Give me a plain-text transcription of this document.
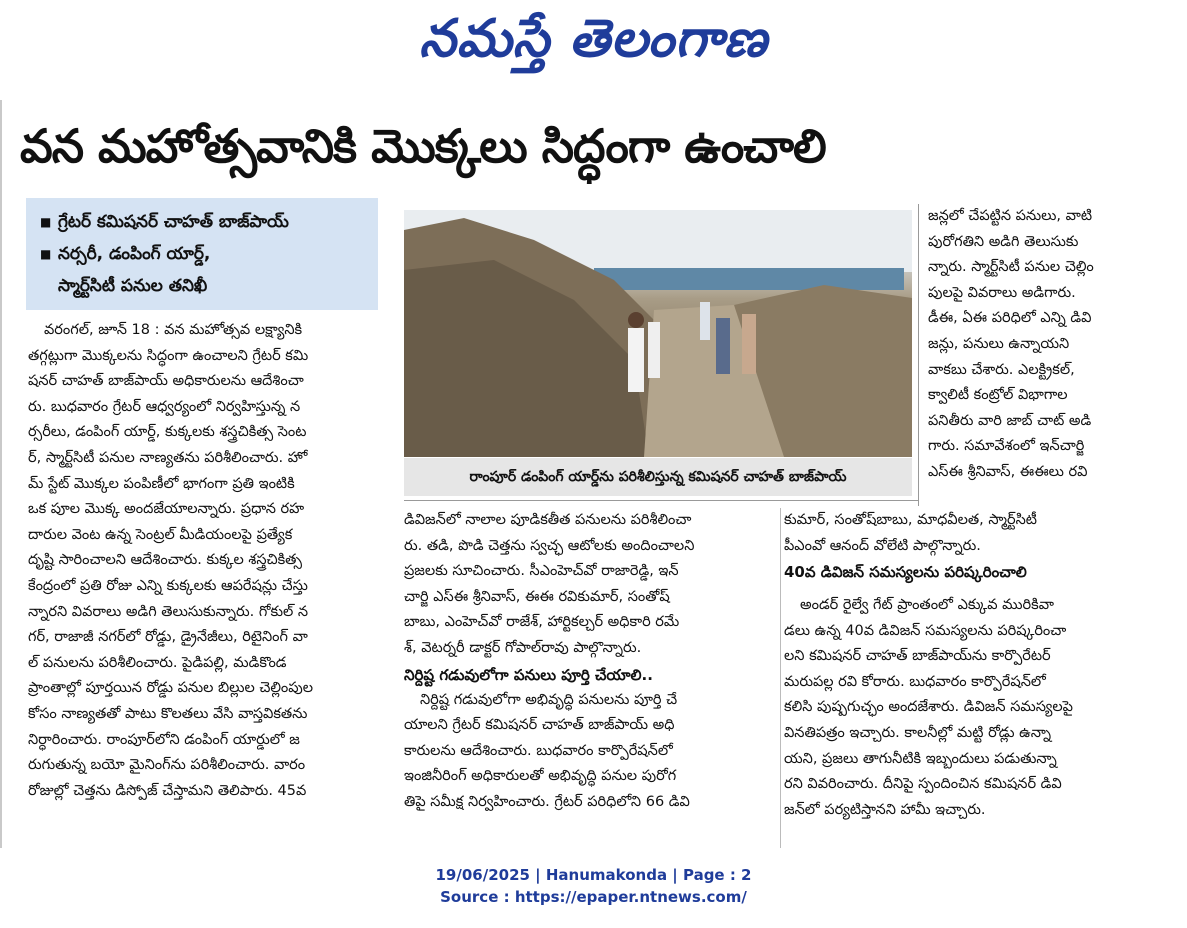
నమస్తే తెలంగాణ
వన మహోత్సవానికి మొక్కలు సిద్ధంగా ఉంచాలి
■ గ్రేటర్ కమిషనర్ చాహత్ బాజ్‌పాయ్
■ నర్సరీ, డంపింగ్ యార్డ్,
స్మార్ట్‌సిటీ పనుల తనిఖీ

వరంగల్, జూన్ 18 : వన మహోత్సవ లక్ష్యానికి

తగ్గట్లుగా మొక్కలను సిద్ధంగా ఉంచాలని గ్రేటర్ కమి

షనర్ చాహత్ బాజ్‌పాయ్ అధికారులను ఆదేశించా

రు. బుధవారం గ్రేటర్ ఆధ్వర్యంలో నిర్వహిస్తున్న న

ర్సరీలు, డంపింగ్ యార్డ్, కుక్కలకు శస్త్రచికిత్స సెంట

ర్, స్మార్ట్‌సిటీ పనుల నాణ్యతను పరిశీలించారు. హో

మ్ స్టేట్ మొక్కల పంపిణీలో భాగంగా ప్రతి ఇంటికి

ఒక పూల మొక్క అందజేయాలన్నారు. ప్రధాన రహ

దారుల వెంట ఉన్న సెంట్రల్ మీడియంలపై ప్రత్యేక

దృష్టి సారించాలని ఆదేశించారు. కుక్కల శస్త్రచికిత్స

కేంద్రంలో ప్రతి రోజు ఎన్ని కుక్కలకు ఆపరేషన్లు చేస్తు

న్నారని వివరాలు అడిగి తెలుసుకున్నారు. గోకుల్ న

గర్, రాజాజీ నగర్‌లో రోడ్డు, డ్రైనేజీలు, రిటైనింగ్ వా

ల్ పనులను పరిశీలించారు. పైడిపల్లి, మడికొండ

ప్రాంతాల్లో పూర్తయిన రోడ్డు పనుల బిల్లుల చెల్లింపుల

కోసం నాణ్యతతో పాటు కొలతలు వేసి వాస్తవికతను

నిర్ధారించారు. రాంపూర్‌లోని డంపింగ్ యార్డులో జ

రుగుతున్న బయో మైనింగ్‌ను పరిశీలించారు. వారం

రోజుల్లో చెత్తను డిస్పోజ్ చేస్తామని తెలిపారు. 45వ

రాంపూర్ డంపింగ్ యార్డ్‌ను పరిశీలిస్తున్న కమిషనర్ చాహత్ బాజ్‌పాయ్

డివిజన్‌లో నాలాల పూడికతీత పనులను పరిశీలించా

రు. తడి, పొడి చెత్తను స్వచ్ఛ ఆటోలకు అందించాలని

ప్రజలకు సూచించారు. సీఎంహెచ్‌వో రాజారెడ్డి, ఇన్

చార్జి ఎస్‌ఈ శ్రీనివాస్, ఈఈ రవికుమార్, సంతోష్

బాబు, ఎంహెచ్‌వో రాజేశ్, హార్టికల్చర్ అధికారి రమే

శ్, వెటర్నరీ డాక్టర్ గోపాల్‌రావు పాల్గొన్నారు.

నిర్దిష్ట గడువులోగా పనులు పూర్తి చేయాలి..

నిర్దిష్ట గడువులోగా అభివృద్ధి పనులను పూర్తి చే

యాలని గ్రేటర్ కమిషనర్ చాహత్ బాజ్‌పాయ్ అధి

కారులను ఆదేశించారు. బుధవారం కార్పొరేషన్‌లో

ఇంజినీరింగ్ అధికారులతో అభివృద్ధి పనుల పురోగ

తిపై సమీక్ష నిర్వహించారు. గ్రేటర్ పరిధిలోని 66 డివి

జన్లలో చేపట్టిన పనులు, వాటి

పురోగతిని అడిగి తెలుసుకు

న్నారు. స్మార్ట్‌సిటీ పనుల చెల్లిం

పులపై వివరాలు అడిగారు.

డీఈ, ఏఈ పరిధిలో ఎన్ని డివి

జన్లు, పనులు ఉన్నాయని

వాకబు చేశారు. ఎలక్ట్రికల్,

క్వాలిటీ కంట్రోల్ విభాగాల

పనితీరు వారి జాబ్ చాట్ అడి

గారు. సమావేశంలో ఇన్‌చార్జి

ఎస్‌ఈ శ్రీనివాస్, ఈఈలు రవి

కుమార్, సంతోష్‌బాబు, మాధవీలత, స్మార్ట్‌సిటీ

పీఎంవో ఆనంద్ వోలేటి పాల్గొన్నారు.

40వ డివిజన్ సమస్యలను పరిష్కరించాలి

అండర్ రైల్వే గేట్ ప్రాంతంలో ఎక్కువ మురికివా

డలు ఉన్న 40వ డివిజన్ సమస్యలను పరిష్కరించా

లని కమిషనర్ చాహత్ బాజ్‌పాయ్‌ను కార్పొరేటర్

మరుపల్ల రవి కోరారు. బుధవారం కార్పొరేషన్‌లో

కలిసి పుష్పగుచ్ఛం అందజేశారు. డివిజన్ సమస్యలపై

వినతిపత్రం ఇచ్చారు. కాలనీల్లో మట్టి రోడ్లు ఉన్నా

యని, ప్రజలు తాగునీటికి ఇబ్బందులు పడుతున్నా

రని వివరించారు. దీనిపై స్పందించిన కమిషనర్ డివి

జన్‌లో పర్యటిస్తానని హామీ ఇచ్చారు.

19/06/2025 | Hanumakonda | Page : 2
Source : https://epaper.ntnews.com/
